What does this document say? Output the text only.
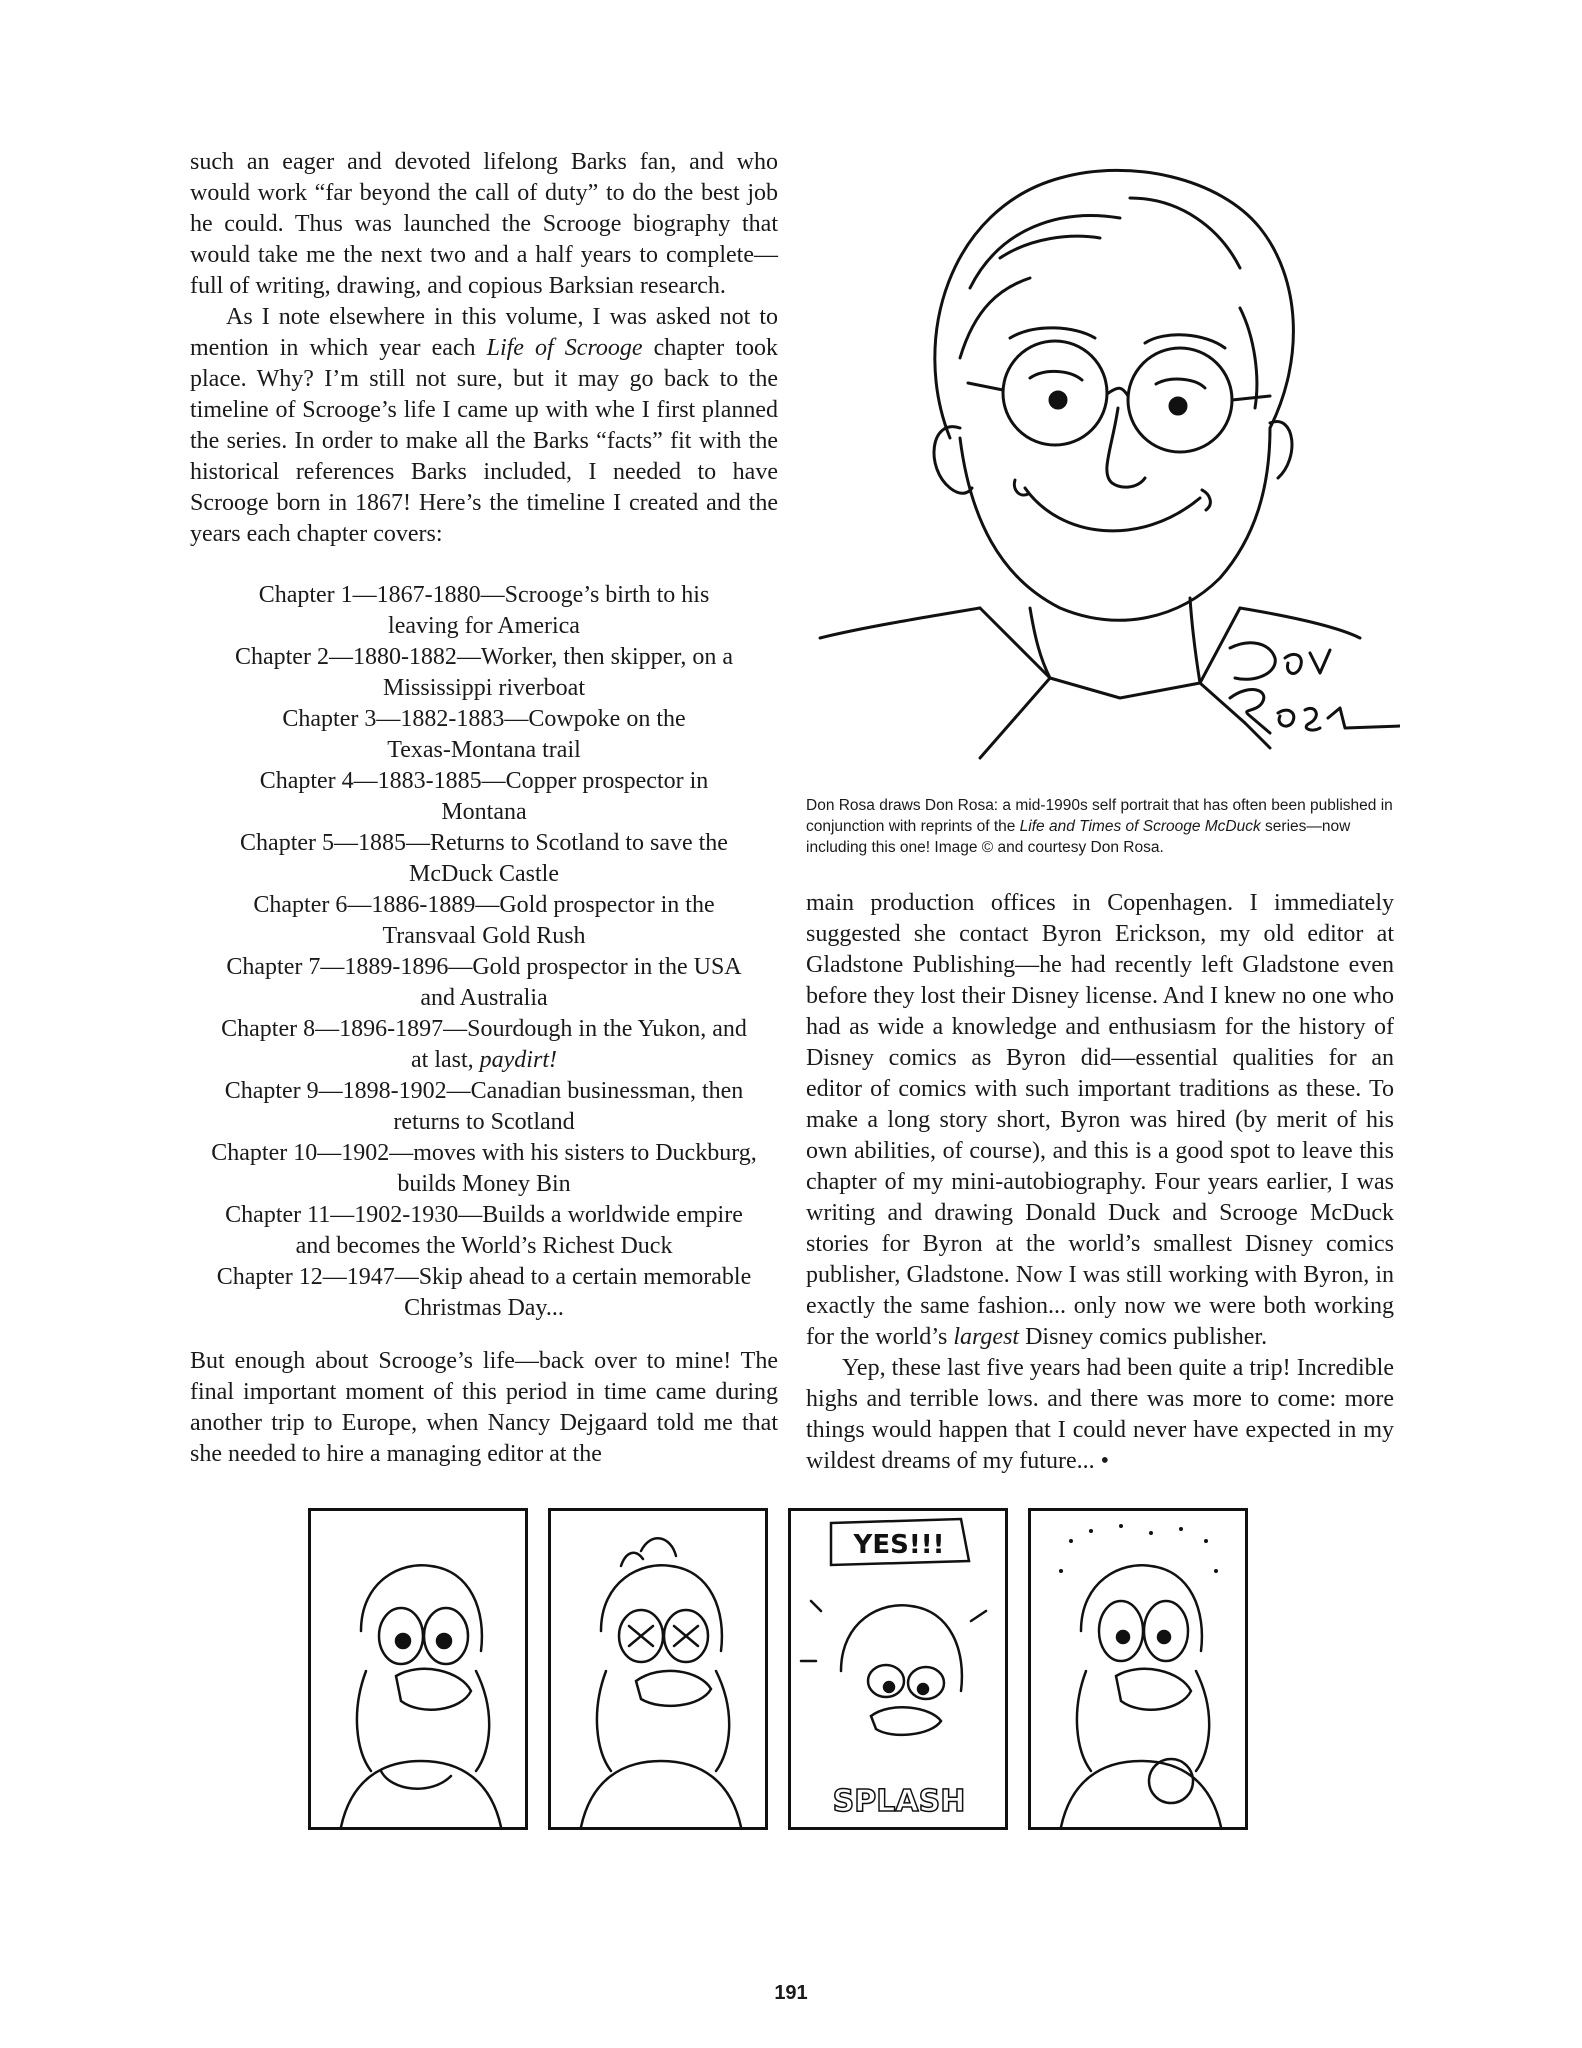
such an eager and devoted lifelong Barks fan, and who would work “far beyond the call of duty” to do the best job he could. Thus was launched the Scrooge biography that would take me the next two and a half years to complete—full of writing, drawing, and copious Barksian research.

As I note elsewhere in this volume, I was asked not to mention in which year each Life of Scrooge chapter took place. Why? I’m still not sure, but it may go back to the timeline of Scrooge’s life I came up with whe I first planned the series. In order to make all the Barks “facts” fit with the historical references Barks included, I needed to have Scrooge born in 1867! Here’s the timeline I created and the years each chapter covers:

Chapter 1—1867-1880—Scrooge’s birth to his
leaving for America
Chapter 2—1880-1882—Worker, then skipper, on a
Mississippi riverboat
Chapter 3—1882-1883—Cowpoke on the
Texas-Montana trail
Chapter 4—1883-1885—Copper prospector in
Montana
Chapter 5—1885—Returns to Scotland to save the
McDuck Castle
Chapter 6—1886-1889—Gold prospector in the
Transvaal Gold Rush
Chapter 7—1889-1896—Gold prospector in the USA
and Australia
Chapter 8—1896-1897—Sourdough in the Yukon, and
at last, paydirt!
Chapter 9—1898-1902—Canadian businessman, then
returns to Scotland
Chapter 10—1902—moves with his sisters to Duckburg,
builds Money Bin
Chapter 11—1902-1930—Builds a worldwide empire
and becomes the World’s Richest Duck
Chapter 12—1947—Skip ahead to a certain memorable
Christmas Day...

But enough about Scrooge’s life—back over to mine! The final important moment of this period in time came during another trip to Europe, when Nancy Dejgaard told me that she needed to hire a managing editor at the

Don Rosa draws Don Rosa: a mid-1990s self portrait that has often been published in conjunction with reprints of the Life and Times of Scrooge McDuck series—now including this one! Image © and courtesy Don Rosa.

main production offices in Copenhagen. I immediately suggested she contact Byron Erickson, my old editor at Gladstone Publishing—he had recently left Gladstone even before they lost their Disney license. And I knew no one who had as wide a knowledge and enthusiasm for the history of Disney comics as Byron did—essential qualities for an editor of comics with such important traditions as these. To make a long story short, Byron was hired (by merit of his own abilities, of course), and this is a good spot to leave this chapter of my mini-autobiography. Four years earlier, I was writing and drawing Donald Duck and Scrooge McDuck stories for Byron at the world’s smallest Disney comics publisher, Gladstone. Now I was still working with Byron, in exactly the same fashion... only now we were both working for the world’s largest Disney comics publisher.

Yep, these last five years had been quite a trip! Incredible highs and terrible lows. and there was more to come: more things would happen that I could never have expected in my wildest dreams of my future... •

YES!!!
SPLASH
191
